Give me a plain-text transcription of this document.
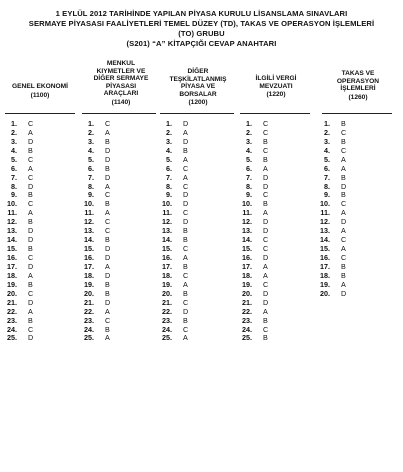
1 EYLÜL 2012 TARİHİNDE YAPILAN PİYASA KURULU LİSANSLAMA SINAVLARI
SERMAYE PİYASASI FAALİYETLERİ TEMEL DÜZEY (TD), TAKAS VE OPERASYON İŞLEMLERİ
(TO) GRUBU
(S201) “A” KİTAPÇIĞI CEVAP ANAHTARI
GENEL EKONOMİ
(1100)
1. C
2. A
3. D
4. B
5. C
6. A
7. C
8. D
9. B
10. C
11. A
12. B
13. D
14. D
15. B
16. C
17. D
18. A
19. B
20. C
21. D
22. A
23. B
24. C
25. D
MENKUL
KIYMETLER VE
DİĞER SERMAYE
PİYASASI
ARAÇLARI
(1140)
1. C
2. A
3. B
4. D
5. D
6. B
7. D
8. A
9. C
10. B
11. A
12. C
13. C
14. B
15. D
16. D
17. A
18. D
19. B
20. B
21. D
22. A
23. C
24. B
25. A
DİĞER
TEŞKİLATLANMIŞ
PİYASA VE
BORSALAR
(1200)
1. D
2. A
3. D
4. B
5. A
6. C
7. A
8. C
9. D
10. D
11. C
12. D
13. B
14. B
15. C
16. A
17. B
18. C
19. A
20. B
21. C
22. D
23. B
24. C
25. A
İLGİLİ VERGİ
MEVZUATI
(1220)
1. C
2. C
3. B
4. C
5. B
6. A
7. D
8. D
9. C
10. B
11. A
12. D
13. D
14. C
15. C
16. D
17. A
18. A
19. C
20. D
21. D
22. A
23. B
24. C
25. B
TAKAS VE
OPERASYON
İŞLEMLERİ
(1260)
1. B
2. C
3. B
4. C
5. A
6. A
7. B
8. D
9. B
10. C
11. A
12. D
13. A
14. C
15. A
16. C
17. B
18. B
19. A
20. D
